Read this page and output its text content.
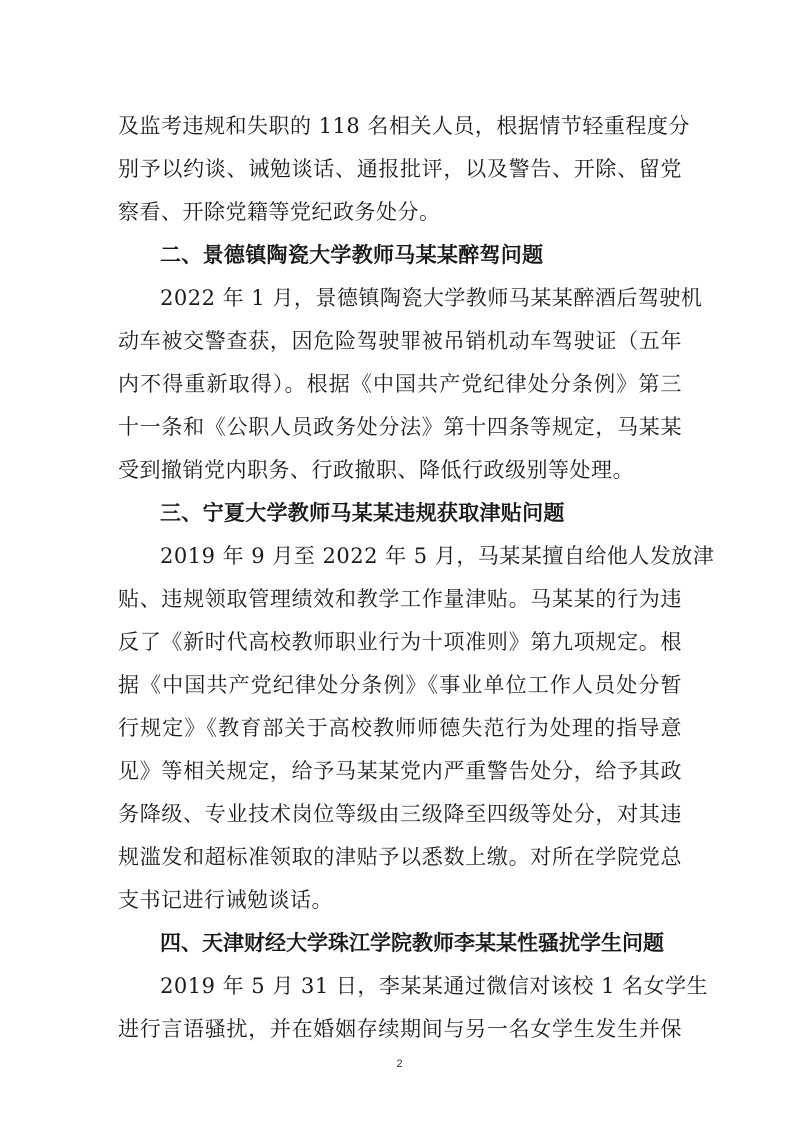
及监考违规和失职的 118 名相关人员，根据情节轻重程度分
别予以约谈、诫勉谈话、通报批评，以及警告、开除、留党
察看、开除党籍等党纪政务处分。
二、景德镇陶瓷大学教师马某某醉驾问题
2022 年 1 月，景德镇陶瓷大学教师马某某醉酒后驾驶机
动车被交警查获，因危险驾驶罪被吊销机动车驾驶证（五年
内不得重新取得）。根据《中国共产党纪律处分条例》第三
十一条和《公职人员政务处分法》第十四条等规定，马某某
受到撤销党内职务、行政撤职、降低行政级别等处理。
三、宁夏大学教师马某某违规获取津贴问题
2019 年 9 月至 2022 年 5 月，马某某擅自给他人发放津
贴、违规领取管理绩效和教学工作量津贴。马某某的行为违
反了《新时代高校教师职业行为十项准则》第九项规定。根
据《中国共产党纪律处分条例》《事业单位工作人员处分暂
行规定》《教育部关于高校教师师德失范行为处理的指导意
见》等相关规定，给予马某某党内严重警告处分，给予其政
务降级、专业技术岗位等级由三级降至四级等处分，对其违
规滥发和超标准领取的津贴予以悉数上缴。对所在学院党总
支书记进行诫勉谈话。
四、天津财经大学珠江学院教师李某某性骚扰学生问题
2019 年 5 月 31 日，李某某通过微信对该校 1 名女学生
进行言语骚扰，并在婚姻存续期间与另一名女学生发生并保
2
